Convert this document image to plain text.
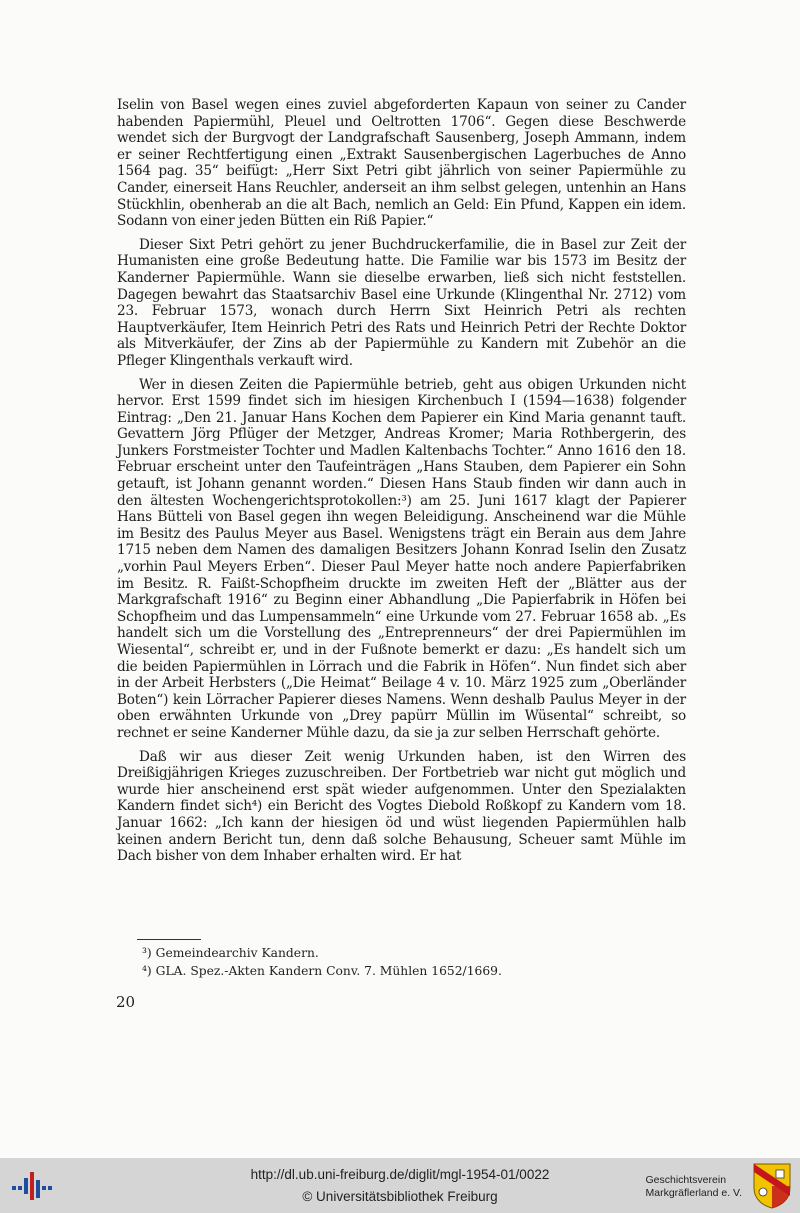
Iselin von Basel wegen eines zuviel abgeforderten Kapaun von seiner zu Cander habenden Papiermühl, Pleuel und Oeltrotten 1706“. Gegen diese Beschwerde wendet sich der Burgvogt der Landgrafschaft Sausenberg, Joseph Ammann, indem er seiner Rechtfertigung einen „Extrakt Sausenbergischen Lagerbuches de Anno 1564 pag. 35“ beifügt: „Herr Sixt Petri gibt jährlich von seiner Papiermühle zu Cander, einerseit Hans Reuchler, anderseit an ihm selbst gelegen, untenhin an Hans Stückhlin, obenherab an die alt Bach, nemlich an Geld: Ein Pfund, Kappen ein idem. Sodann von einer jeden Bütten ein Riß Papier.“

Dieser Sixt Petri gehört zu jener Buchdruckerfamilie, die in Basel zur Zeit der Humanisten eine große Bedeutung hatte. Die Familie war bis 1573 im Besitz der Kanderner Papiermühle. Wann sie dieselbe erwarben, ließ sich nicht feststellen. Dagegen bewahrt das Staatsarchiv Basel eine Urkunde (Klingenthal Nr. 2712) vom 23. Februar 1573, wonach durch Herrn Sixt Heinrich Petri als rechten Hauptverkäufer, Item Heinrich Petri des Rats und Heinrich Petri der Rechte Doktor als Mitverkäufer, der Zins ab der Papiermühle zu Kandern mit Zubehör an die Pfleger Klingenthals verkauft wird.

Wer in diesen Zeiten die Papiermühle betrieb, geht aus obigen Urkunden nicht hervor. Erst 1599 findet sich im hiesigen Kirchenbuch I (1594—1638) folgender Eintrag: „Den 21. Januar Hans Kochen dem Papierer ein Kind Maria genannt tauft. Gevattern Jörg Pflüger der Metzger, Andreas Kromer; Maria Rothbergerin, des Junkers Forstmeister Tochter und Madlen Kaltenbachs Tochter.“ Anno 1616 den 18. Februar erscheint unter den Taufeinträgen „Hans Stauben, dem Papierer ein Sohn getauft, ist Johann genannt worden.“ Diesen Hans Staub finden wir dann auch in den ältesten Wochengerichtsprotokollen:³) am 25. Juni 1617 klagt der Papierer Hans Bütteli von Basel gegen ihn wegen Beleidigung. Anscheinend war die Mühle im Besitz des Paulus Meyer aus Basel. Wenigstens trägt ein Berain aus dem Jahre 1715 neben dem Namen des damaligen Besitzers Johann Konrad Iselin den Zusatz „vorhin Paul Meyers Erben“. Dieser Paul Meyer hatte noch andere Papierfabriken im Besitz. R. Faißt-Schopfheim druckte im zweiten Heft der „Blätter aus der Markgrafschaft 1916“ zu Beginn einer Abhandlung „Die Papierfabrik in Höfen bei Schopfheim und das Lumpensammeln“ eine Urkunde vom 27. Februar 1658 ab. „Es handelt sich um die Vorstellung des „Entreprenneurs“ der drei Papiermühlen im Wiesental“, schreibt er, und in der Fußnote bemerkt er dazu: „Es handelt sich um die beiden Papiermühlen in Lörrach und die Fabrik in Höfen“. Nun findet sich aber in der Arbeit Herbsters („Die Heimat“ Beilage 4 v. 10. März 1925 zum „Oberländer Boten“) kein Lörracher Papierer dieses Namens. Wenn deshalb Paulus Meyer in der oben erwähnten Urkunde von „Drey papürr Müllin im Wüsental“ schreibt, so rechnet er seine Kanderner Mühle dazu, da sie ja zur selben Herrschaft gehörte.

Daß wir aus dieser Zeit wenig Urkunden haben, ist den Wirren des Dreißigjährigen Krieges zuzuschreiben. Der Fortbetrieb war nicht gut möglich und wurde hier anscheinend erst spät wieder aufgenommen. Unter den Spezialakten Kandern findet sich⁴) ein Bericht des Vogtes Diebold Roßkopf zu Kandern vom 18. Januar 1662: „Ich kann der hiesigen öd und wüst liegenden Papiermühlen halb keinen andern Bericht tun, denn daß solche Behausung, Scheuer samt Mühle im Dach bisher von dem Inhaber erhalten wird. Er hat

³) Gemeindearchiv Kandern.

⁴) GLA. Spez.-Akten Kandern Conv. 7. Mühlen 1652/1669.

20
http://dl.ub.uni-freiburg.de/diglit/mgl-1954-01/0022
© Universitätsbibliothek Freiburg
Geschichtsverein
Markgräflerland e. V.
